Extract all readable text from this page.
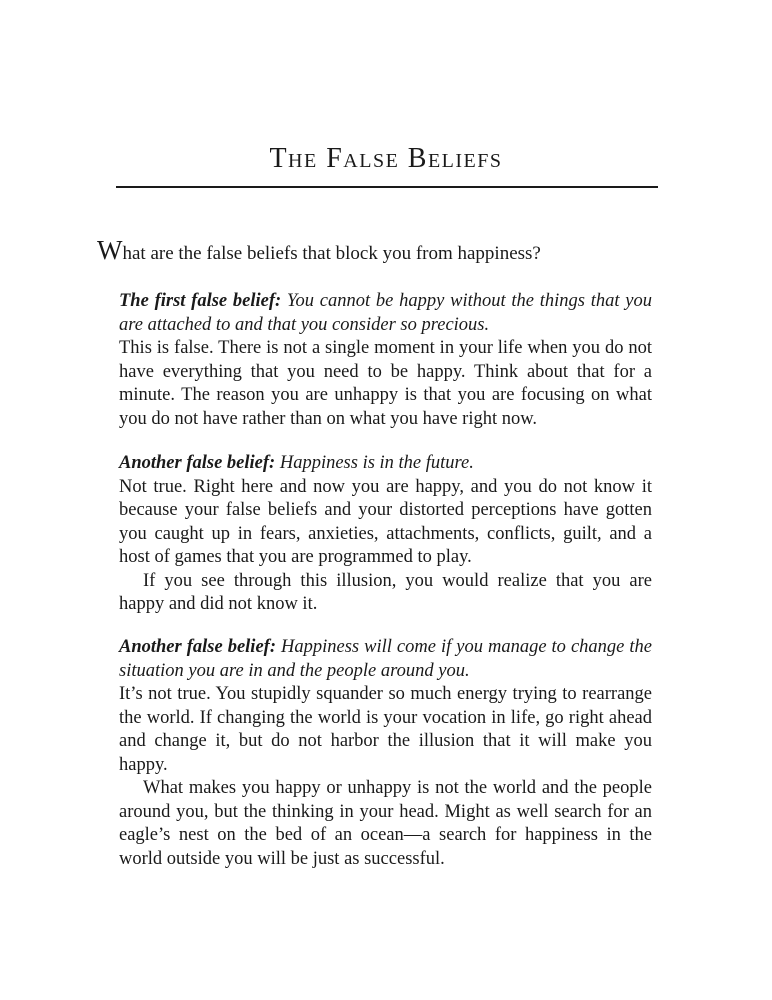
The False Beliefs

What are the false beliefs that block you from happiness?

The first false belief: You cannot be happy without the things that you are attached to and that you consider so precious.

This is false. There is not a single moment in your life when you do not have everything that you need to be happy. Think about that for a minute. The reason you are unhappy is that you are focusing on what you do not have rather than on what you have right now.

Another false belief: Happiness is in the future.

Not true. Right here and now you are happy, and you do not know it because your false beliefs and your distorted perceptions have gotten you caught up in fears, anxieties, attachments, conflicts, guilt, and a host of games that you are programmed to play.

If you see through this illusion, you would realize that you are happy and did not know it.

Another false belief: Happiness will come if you manage to change the situation you are in and the people around you.

It’s not true. You stupidly squander so much energy trying to rearrange the world. If changing the world is your vocation in life, go right ahead and change it, but do not harbor the illusion that it will make you happy.

What makes you happy or unhappy is not the world and the people around you, but the thinking in your head. Might as well search for an eagle’s nest on the bed of an ocean—a search for happiness in the world outside you will be just as successful.
